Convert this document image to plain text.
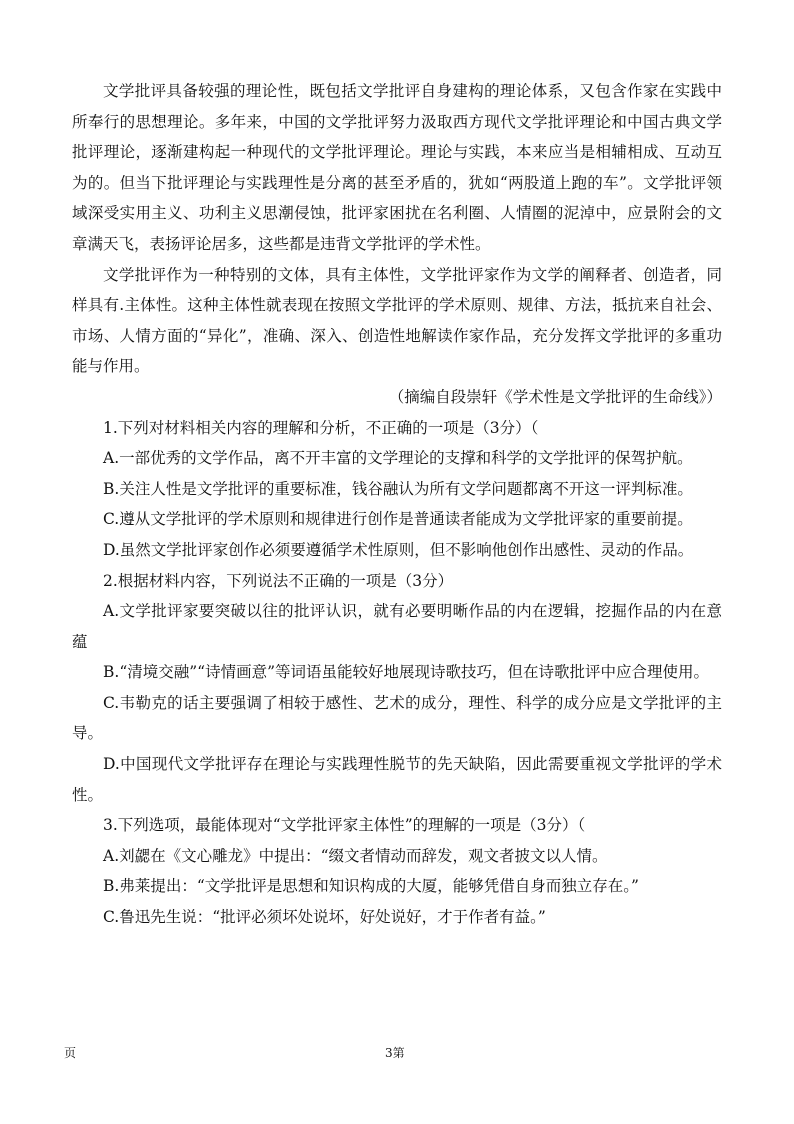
文学批评具备较强的理论性，既包括文学批评自身建构的理论体系，又包含作家在实践中所奉行的思想理论。多年来，中国的文学批评努力汲取西方现代文学批评理论和中国古典文学批评理论，逐渐建构起一种现代的文学批评理论。理论与实践，本来应当是相辅相成、互动互为的。但当下批评理论与实践理性是分离的甚至矛盾的，犹如“两股道上跑的车”。文学批评领域深受实用主义、功利主义思潮侵蚀，批评家困扰在名利圈、人情圈的泥淖中，应景附会的文章满天飞，表扬评论居多，这些都是违背文学批评的学术性。

文学批评作为一种特别的文体，具有主体性，文学批评家作为文学的阐释者、创造者，同样具有.主体性。这种主体性就表现在按照文学批评的学术原则、规律、方法，抵抗来自社会、市场、人情方面的“异化”，准确、深入、创造性地解读作家作品，充分发挥文学批评的多重功能与作用。

（摘编自段崇轩《学术性是文学批评的生命线》）

1.下列对材料相关内容的理解和分析，不正确的一项是（3分）（

A.一部优秀的文学作品，离不开丰富的文学理论的支撑和科学的文学批评的保驾护航。

B.关注人性是文学批评的重要标准，钱谷融认为所有文学问题都离不开这一评判标准。

C.遵从文学批评的学术原则和规律进行创作是普通读者能成为文学批评家的重要前提。

D.虽然文学批评家创作必须要遵循学术性原则，但不影响他创作出感性、灵动的作品。

2.根据材料内容，下列说法不正确的一项是（3分）

A.文学批评家要突破以往的批评认识，就有必要明晰作品的内在逻辑，挖掘作品的内在意蕴

B.“清境交融”“诗情画意”等词语虽能较好地展现诗歌技巧，但在诗歌批评中应合理使用。

C.韦勒克的话主要强调了相较于感性、艺术的成分，理性、科学的成分应是文学批评的主导。

D.中国现代文学批评存在理论与实践理性脱节的先天缺陷，因此需要重视文学批评的学术性。

3.下列选项，最能体现对“文学批评家主体性”的理解的一项是（3分）（

A.刘勰在《文心雕龙》中提出：“缀文者情动而辞发，观文者披文以人情。

B.弗莱提出：“文学批评是思想和知识构成的大厦，能够凭借自身而独立存在。”

C.鲁迅先生说：“批评必须坏处说坏，好处说好，才于作者有益。”

页	3第
